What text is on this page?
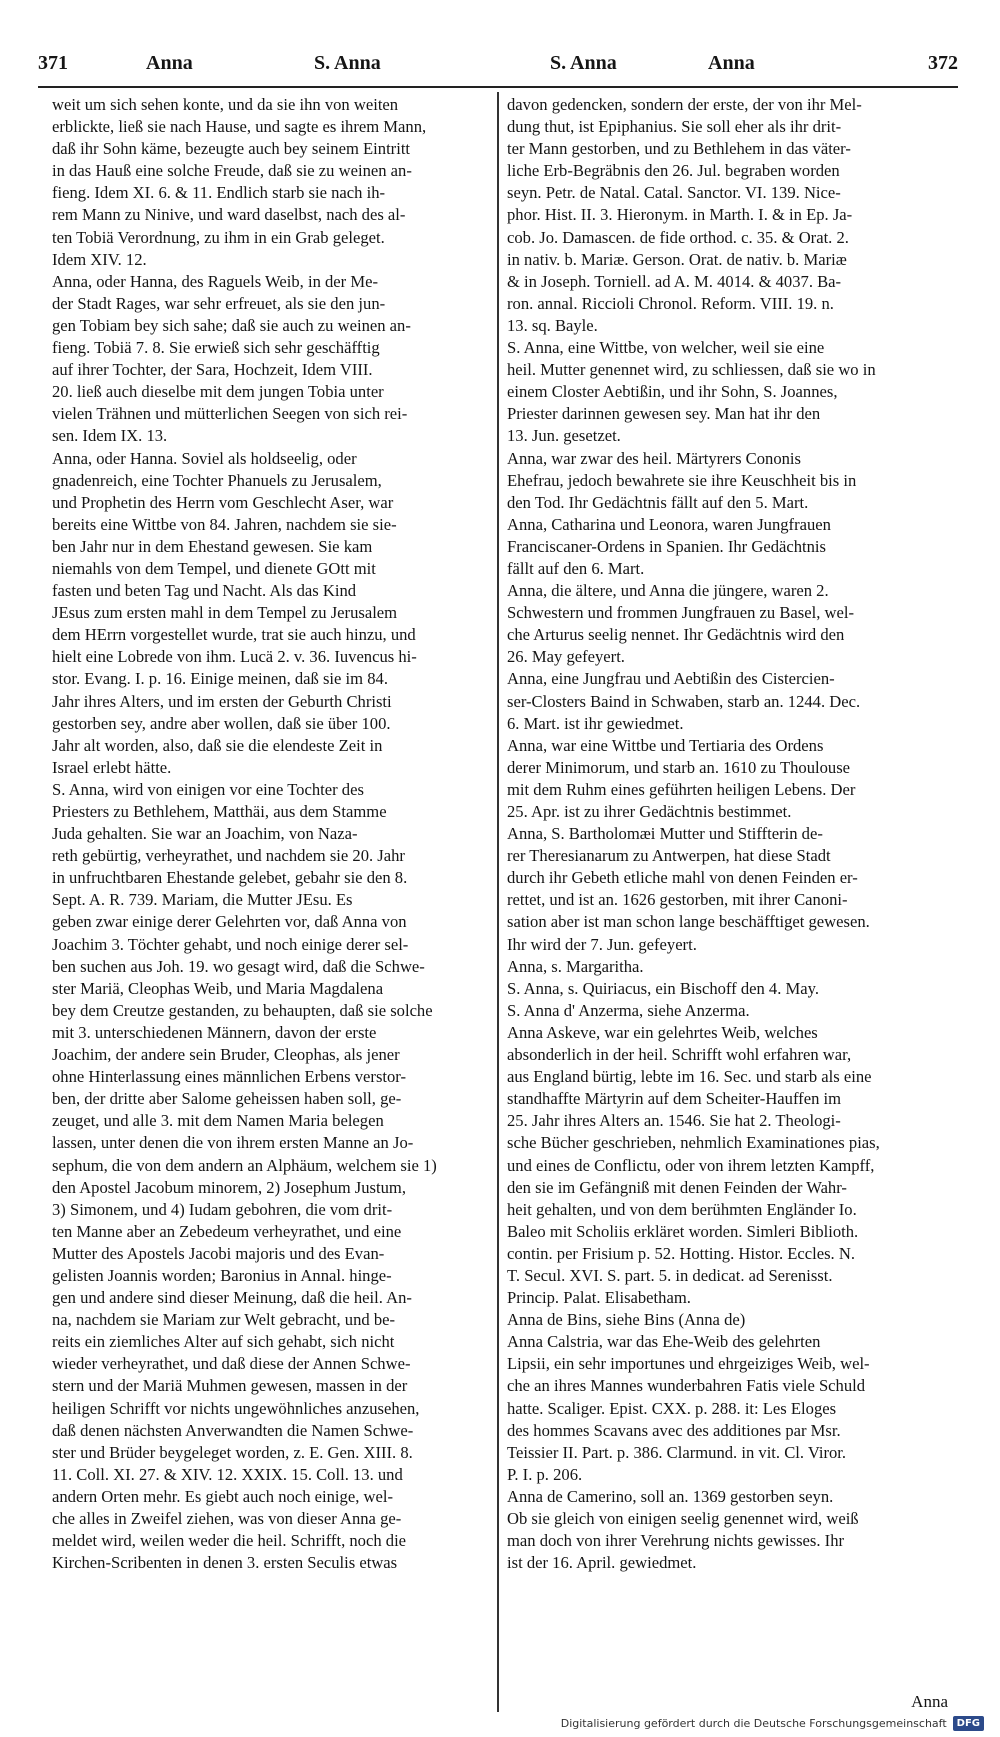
371	Anna	S. Anna	S. Anna	Anna	372
weit um sich sehen konte, und da sie ihn von weiten
erblickte, ließ sie nach Hause, und sagte es ihrem Mann,
daß ihr Sohn käme, bezeugte auch bey seinem Eintritt
in das Hauß eine solche Freude, daß sie zu weinen an-
fieng. Idem XI. 6. & 11. Endlich starb sie nach ih-
rem Mann zu Ninive, und ward daselbst, nach des al-
ten Tobiä Verordnung, zu ihm in ein Grab geleget.
Idem XIV. 12.
Anna, oder Hanna, des Raguels Weib, in der Me-
der Stadt Rages, war sehr erfreuet, als sie den jun-
gen Tobiam bey sich sahe; daß sie auch zu weinen an-
fieng. Tobiä 7. 8. Sie erwieß sich sehr geschäfftig
auf ihrer Tochter, der Sara, Hochzeit, Idem VIII.
20. ließ auch dieselbe mit dem jungen Tobia unter
vielen Trähnen und mütterlichen Seegen von sich rei-
sen. Idem IX. 13.
Anna, oder Hanna. Soviel als holdseelig, oder
gnadenreich, eine Tochter Phanuels zu Jerusalem,
und Prophetin des Herrn vom Geschlecht Aser, war
bereits eine Wittbe von 84. Jahren, nachdem sie sie-
ben Jahr nur in dem Ehestand gewesen. Sie kam
niemahls von dem Tempel, und dienete GOtt mit
fasten und beten Tag und Nacht. Als das Kind
JEsus zum ersten mahl in dem Tempel zu Jerusalem
dem HErrn vorgestellet wurde, trat sie auch hinzu, und
hielt eine Lobrede von ihm. Lucä 2. v. 36. Iuvencus hi-
stor. Evang. I. p. 16. Einige meinen, daß sie im 84.
Jahr ihres Alters, und im ersten der Geburth Christi
gestorben sey, andre aber wollen, daß sie über 100.
Jahr alt worden, also, daß sie die elendeste Zeit in
Israel erlebt hätte.
S. Anna, wird von einigen vor eine Tochter des
Priesters zu Bethlehem, Matthäi, aus dem Stamme
Juda gehalten. Sie war an Joachim, von Naza-
reth gebürtig, verheyrathet, und nachdem sie 20. Jahr
in unfruchtbaren Ehestande gelebet, gebahr sie den 8.
Sept. A. R. 739. Mariam, die Mutter JEsu. Es
geben zwar einige derer Gelehrten vor, daß Anna von
Joachim 3. Töchter gehabt, und noch einige derer sel-
ben suchen aus Joh. 19. wo gesagt wird, daß die Schwe-
ster Mariä, Cleophas Weib, und Maria Magdalena
bey dem Creutze gestanden, zu behaupten, daß sie solche
mit 3. unterschiedenen Männern, davon der erste
Joachim, der andere sein Bruder, Cleophas, als jener
ohne Hinterlassung eines männlichen Erbens verstor-
ben, der dritte aber Salome geheissen haben soll, ge-
zeuget, und alle 3. mit dem Namen Maria belegen
lassen, unter denen die von ihrem ersten Manne an Jo-
sephum, die von dem andern an Alphäum, welchem sie 1)
den Apostel Jacobum minorem, 2) Josephum Justum,
3) Simonem, und 4) Iudam gebohren, die vom drit-
ten Manne aber an Zebedeum verheyrathet, und eine
Mutter des Apostels Jacobi majoris und des Evan-
gelisten Joannis worden; Baronius in Annal. hinge-
gen und andere sind dieser Meinung, daß die heil. An-
na, nachdem sie Mariam zur Welt gebracht, und be-
reits ein ziemliches Alter auf sich gehabt, sich nicht
wieder verheyrathet, und daß diese der Annen Schwe-
stern und der Mariä Muhmen gewesen, massen in der
heiligen Schrifft vor nichts ungewöhnliches anzusehen,
daß denen nächsten Anverwandten die Namen Schwe-
ster und Brüder beygeleget worden, z. E. Gen. XIII. 8.
11. Coll. XI. 27. & XIV. 12. XXIX. 15. Coll. 13. und
andern Orten mehr. Es giebt auch noch einige, wel-
che alles in Zweifel ziehen, was von dieser Anna ge-
meldet wird, weilen weder die heil. Schrifft, noch die
Kirchen-Scribenten in denen 3. ersten Seculis etwas
davon gedencken, sondern der erste, der von ihr Mel-
dung thut, ist Epiphanius. Sie soll eher als ihr drit-
ter Mann gestorben, und zu Bethlehem in das väter-
liche Erb-Begräbnis den 26. Jul. begraben worden
seyn. Petr. de Natal. Catal. Sanctor. VI. 139. Nice-
phor. Hist. II. 3. Hieronym. in Marth. I. & in Ep. Ja-
cob. Jo. Damascen. de fide orthod. c. 35. & Orat. 2.
in nativ. b. Mariæ. Gerson. Orat. de nativ. b. Mariæ
& in Joseph. Torniell. ad A. M. 4014. & 4037. Ba-
ron. annal. Riccioli Chronol. Reform. VIII. 19. n.
13. sq. Bayle.
S. Anna, eine Wittbe, von welcher, weil sie eine
heil. Mutter genennet wird, zu schliessen, daß sie wo in
einem Closter Aebtißin, und ihr Sohn, S. Joannes,
Priester darinnen gewesen sey. Man hat ihr den
13. Jun. gesetzet.
Anna, war zwar des heil. Märtyrers Cononis
Ehefrau, jedoch bewahrete sie ihre Keuschheit bis in
den Tod. Ihr Gedächtnis fällt auf den 5. Mart.
Anna, Catharina und Leonora, waren Jungfrauen
Franciscaner-Ordens in Spanien. Ihr Gedächtnis
fällt auf den 6. Mart.
Anna, die ältere, und Anna die jüngere, waren 2.
Schwestern und frommen Jungfrauen zu Basel, wel-
che Arturus seelig nennet. Ihr Gedächtnis wird den
26. May gefeyert.
Anna, eine Jungfrau und Aebtißin des Cistercien-
ser-Closters Baind in Schwaben, starb an. 1244. Dec.
6. Mart. ist ihr gewiedmet.
Anna, war eine Wittbe und Tertiaria des Ordens
derer Minimorum, und starb an. 1610 zu Thoulouse
mit dem Ruhm eines geführten heiligen Lebens. Der
25. Apr. ist zu ihrer Gedächtnis bestimmet.
Anna, S. Bartholomæi Mutter und Stiffterin de-
rer Theresianarum zu Antwerpen, hat diese Stadt
durch ihr Gebeth etliche mahl von denen Feinden er-
rettet, und ist an. 1626 gestorben, mit ihrer Canoni-
sation aber ist man schon lange beschäfftiget gewesen.
Ihr wird der 7. Jun. gefeyert.
Anna, s. Margaritha.
S. Anna, s. Quiriacus, ein Bischoff den 4. May.
S. Anna d' Anzerma, siehe Anzerma.
Anna Askeve, war ein gelehrtes Weib, welches
absonderlich in der heil. Schrifft wohl erfahren war,
aus England bürtig, lebte im 16. Sec. und starb als eine
standhaffte Märtyrin auf dem Scheiter-Hauffen im
25. Jahr ihres Alters an. 1546. Sie hat 2. Theologi-
sche Bücher geschrieben, nehmlich Examinationes pias,
und eines de Conflictu, oder von ihrem letzten Kampff,
den sie im Gefängniß mit denen Feinden der Wahr-
heit gehalten, und von dem berühmten Engländer Io.
Baleo mit Scholiis erkläret worden. Simleri Biblioth.
contin. per Frisium p. 52. Hotting. Histor. Eccles. N.
T. Secul. XVI. S. part. 5. in dedicat. ad Serenisst.
Princip. Palat. Elisabetham.
Anna de Bins, siehe Bins (Anna de)
Anna Calstria, war das Ehe-Weib des gelehrten
Lipsii, ein sehr importunes und ehrgeiziges Weib, wel-
che an ihres Mannes wunderbahren Fatis viele Schuld
hatte. Scaliger. Epist. CXX. p. 288. it: Les Eloges
des hommes Scavans avec des additiones par Msr.
Teissier II. Part. p. 386. Clarmund. in vit. Cl. Viror.
P. I. p. 206.
Anna de Camerino, soll an. 1369 gestorben seyn.
Ob sie gleich von einigen seelig genennet wird, weiß
man doch von ihrer Verehrung nichts gewisses. Ihr
ist der 16. April. gewiedmet.
Anna
Digitalisierung gefördert durch die Deutsche Forschungsgemeinschaft	DFG
